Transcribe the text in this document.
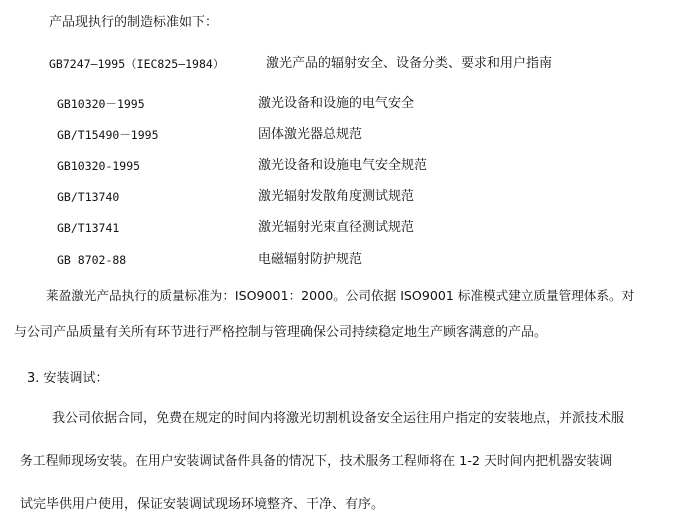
产品现执行的制造标准如下：
GB7247—1995（IEC825—1984）	激光产品的辐射安全、设备分类、要求和用户指南
GB10320－1995	激光设备和设施的电气安全
GB/T15490－1995	固体激光器总规范
GB10320-1995	激光设备和设施电气安全规范
GB/T13740	激光辐射发散角度测试规范
GB/T13741	激光辐射光束直径测试规范
GB 8702-88	电磁辐射防护规范
莱盈激光产品执行的质量标准为：ISO9001：2000。公司依据 ISO9001 标准模式建立质量管理体系。对
与公司产品质量有关所有环节进行严格控制与管理确保公司持续稳定地生产顾客满意的产品。
3. 安装调试：
我公司依据合同，免费在规定的时间内将激光切割机设备安全运往用户指定的安装地点，并派技术服
务工程师现场安装。在用户安装调试备件具备的情况下，技术服务工程师将在 1-2 天时间内把机器安装调
试完毕供用户使用，保证安装调试现场环境整齐、干净、有序。
